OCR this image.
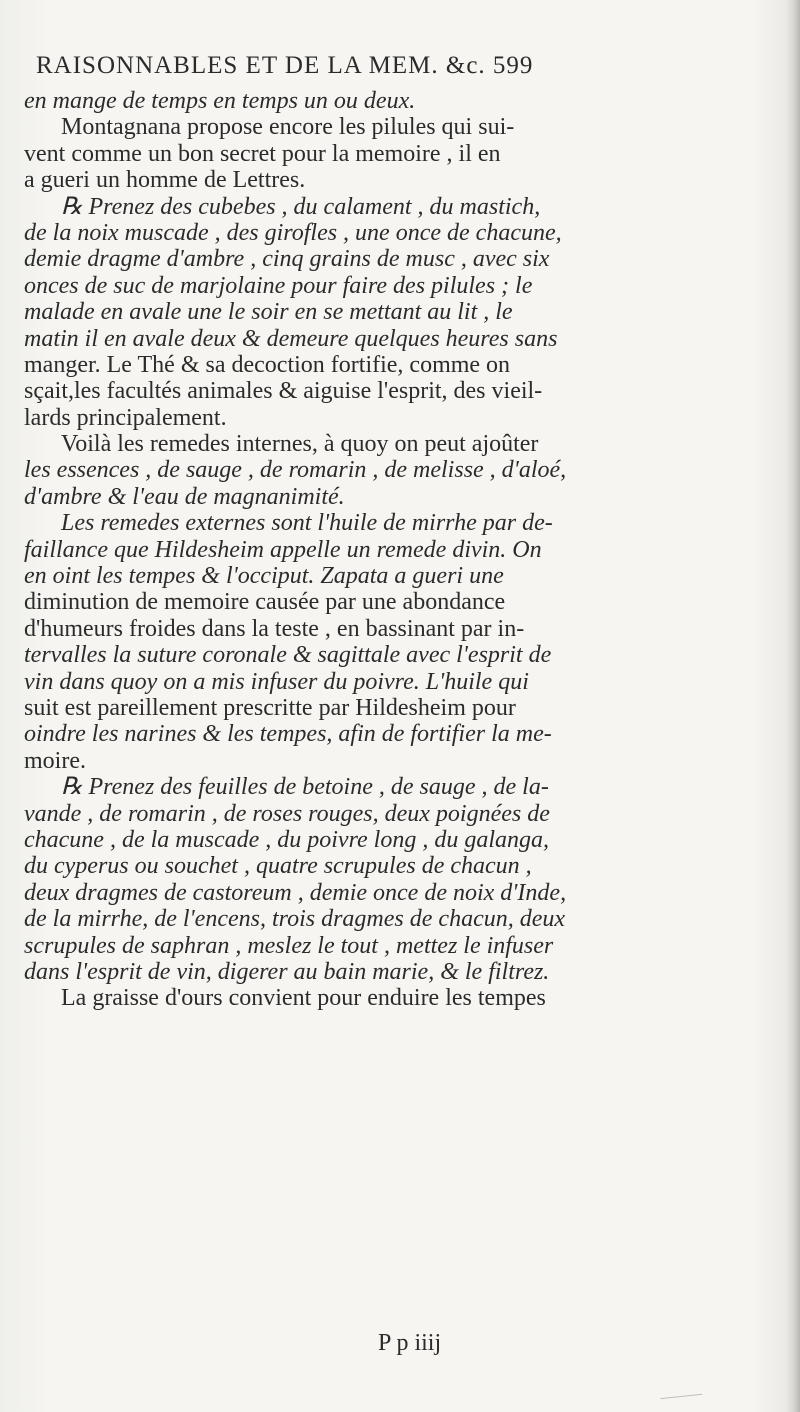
RAISONNABLES ET DE LA MEM. &c. 599
en mange de temps en temps un ou deux.
Montagnana propose encore les pilules qui sui-
vent comme un bon secret pour la memoire , il en
a gueri un homme de Lettres.
℞ Prenez des cubebes , du calament , du mastich,
de la noix muscade , des girofles , une once de chacune,
demie dragme d'ambre , cinq grains de musc , avec six
onces de suc de marjolaine pour faire des pilules ; le
malade en avale une le soir en se mettant au lit , le
matin il en avale deux & demeure quelques heures sans
manger. Le Thé & sa decoction fortifie, comme on
sçait,les facultés animales & aiguise l'esprit, des vieil-
lards principalement.
Voilà les remedes internes, à quoy on peut ajoûter
les essences , de sauge , de romarin , de melisse , d'aloé,
d'ambre & l'eau de magnanimité.
Les remedes externes sont l'huile de mirrhe par de-
faillance que Hildesheim appelle un remede divin. On
en oint les tempes & l'occiput. Zapata a gueri une
diminution de memoire causée par une abondance
d'humeurs froides dans la teste , en bassinant par in-
tervalles la suture coronale & sagittale avec l'esprit de
vin dans quoy on a mis infuser du poivre. L'huile qui
suit est pareillement prescritte par Hildesheim pour
oindre les narines & les tempes, afin de fortifier la me-
moire.
℞ Prenez des feuilles de betoine , de sauge , de la-
vande , de romarin , de roses rouges, deux poignées de
chacune , de la muscade , du poivre long , du galanga,
du cyperus ou souchet , quatre scrupules de chacun ,
deux dragmes de castoreum , demie once de noix d'Inde,
de la mirrhe, de l'encens, trois dragmes de chacun, deux
scrupules de saphran , meslez le tout , mettez le infuser
dans l'esprit de vin, digerer au bain marie, & le filtrez.
La graisse d'ours convient pour enduire les tempes
P p iiij
